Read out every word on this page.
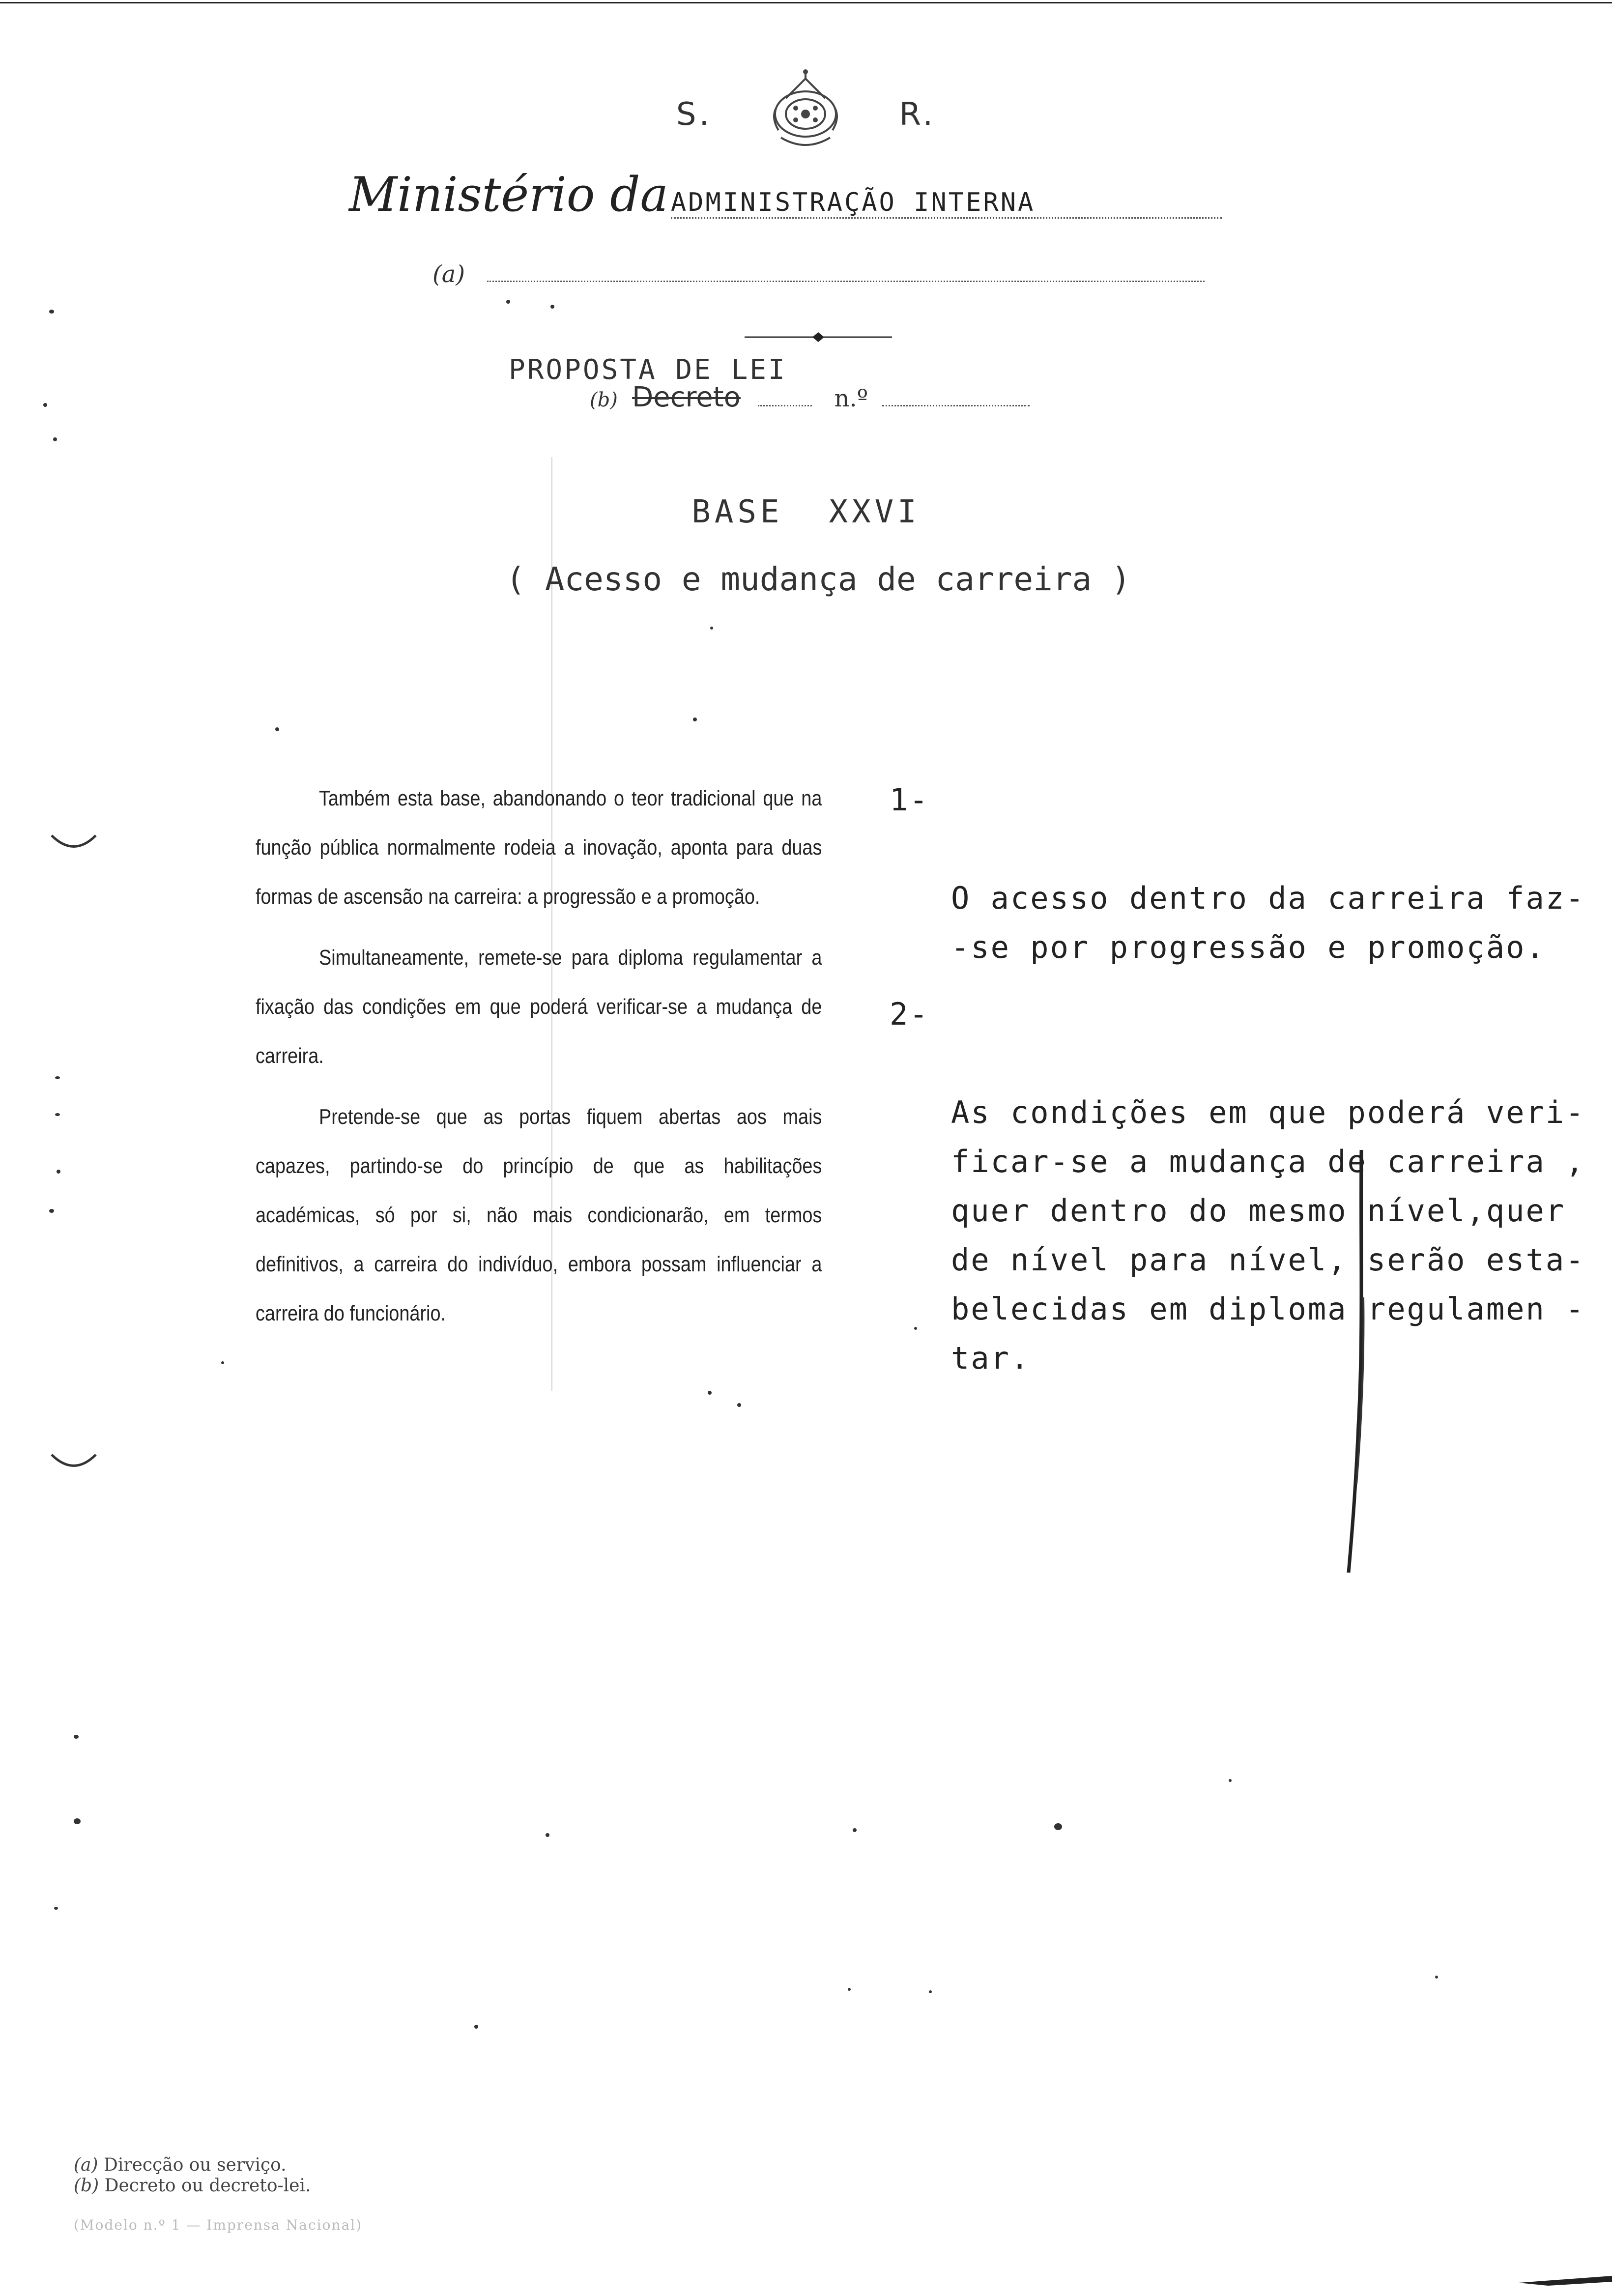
S.	R.
Ministério da ADMINISTRAÇÃO INTERNA
(a)
PROPOSTA DE LEI
(b) Decreto	n.º
BASE  XXVI
( Acesso e mudança de carreira )

Também esta base, abandonando o teor tradicional que na função pública normalmente rodeia a inovação, aponta para duas formas de ascensão na carreira: a progressão e a promoção.

Simultaneamente, remete-se para diploma regulamentar a fixação das condições em que poderá verificar-se a mudança de carreira.

Pretende-se que as portas fiquem abertas aos mais capazes, partindo-se do princípio de que as habilitações académicas, só por si, não mais condicionarão, em termos definitivos, a carreira do indivíduo, embora possam influenciar a carreira do funcionário.

1-

O acesso dentro da carreira faz-
-se por progressão e promoção.

2-

As condições em que poderá veri-
ficar-se a mudança de carreira ,
quer dentro do mesmo nível,quer
de nível para nível, serão esta-
belecidas em diploma regulamen -
tar.

(a) Direcção ou serviço.
(b) Decreto ou decreto-lei.
(Modelo n.º 1 — Imprensa Nacional)
